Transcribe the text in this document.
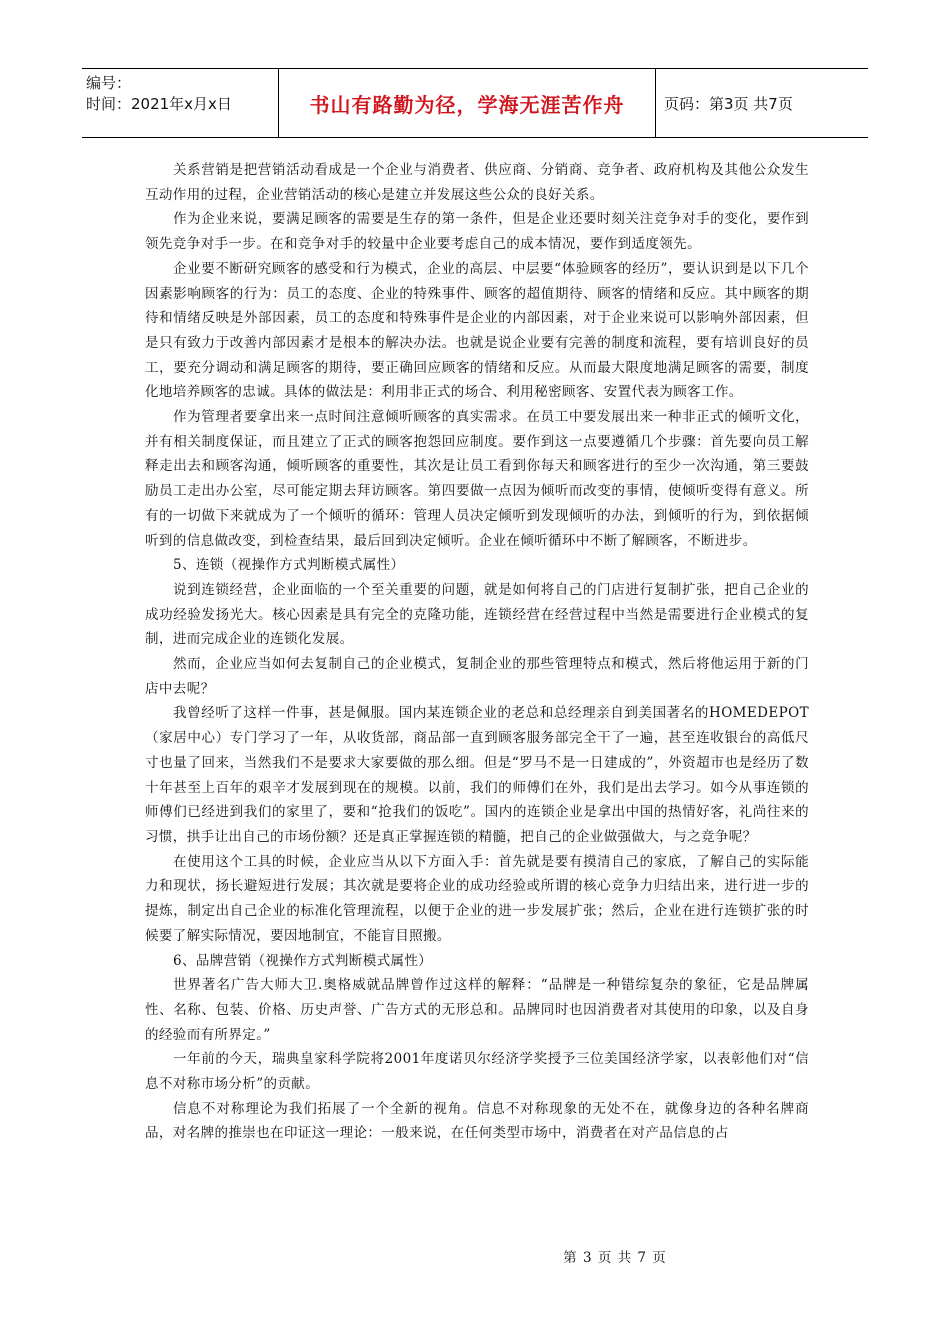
编号：
时间：2021年x月x日	书山有路勤为径，学海无涯苦作舟	页码：第3页 共7页

关系营销是把营销活动看成是一个企业与消费者、供应商、分销商、竞争者、政府机构及其他公众发生互动作用的过程，企业营销活动的核心是建立并发展这些公众的良好关系。

作为企业来说，要满足顾客的需要是生存的第一条件，但是企业还要时刻关注竞争对手的变化，要作到领先竞争对手一步。在和竞争对手的较量中企业要考虑自己的成本情况，要作到适度领先。

企业要不断研究顾客的感受和行为模式，企业的高层、中层要“体验顾客的经历”，要认识到是以下几个因素影响顾客的行为：员工的态度、企业的特殊事件、顾客的超值期待、顾客的情绪和反应。其中顾客的期待和情绪反映是外部因素，员工的态度和特殊事件是企业的内部因素，对于企业来说可以影响外部因素，但是只有致力于改善内部因素才是根本的解决办法。也就是说企业要有完善的制度和流程，要有培训良好的员工，要充分调动和满足顾客的期待，要正确回应顾客的情绪和反应。从而最大限度地满足顾客的需要，制度化地培养顾客的忠诚。具体的做法是：利用非正式的场合、利用秘密顾客、安置代表为顾客工作。

作为管理者要拿出来一点时间注意倾听顾客的真实需求。在员工中要发展出来一种非正式的倾听文化，并有相关制度保证，而且建立了正式的顾客抱怨回应制度。要作到这一点要遵循几个步骤：首先要向员工解释走出去和顾客沟通，倾听顾客的重要性，其次是让员工看到你每天和顾客进行的至少一次沟通，第三要鼓励员工走出办公室，尽可能定期去拜访顾客。第四要做一点因为倾听而改变的事情，使倾听变得有意义。所有的一切做下来就成为了一个倾听的循环：管理人员决定倾听到发现倾听的办法，到倾听的行为，到依据倾听到的信息做改变，到检查结果，最后回到决定倾听。企业在倾听循环中不断了解顾客，不断进步。

5、连锁（视操作方式判断模式属性）

说到连锁经营，企业面临的一个至关重要的问题，就是如何将自己的门店进行复制扩张，把自己企业的成功经验发扬光大。核心因素是具有完全的克隆功能，连锁经营在经营过程中当然是需要进行企业模式的复制，进而完成企业的连锁化发展。

然而，企业应当如何去复制自己的企业模式，复制企业的那些管理特点和模式，然后将他运用于新的门店中去呢？

我曾经听了这样一件事，甚是佩服。国内某连锁企业的老总和总经理亲自到美国著名的HOMEDEPOT（家居中心）专门学习了一年，从收货部，商品部一直到顾客服务部完全干了一遍，甚至连收银台的高低尺寸也量了回来，当然我们不是要求大家要做的那么细。但是“罗马不是一日建成的”，外资超市也是经历了数十年甚至上百年的艰辛才发展到现在的规模。以前，我们的师傅们在外，我们是出去学习。如今从事连锁的师傅们已经进到我们的家里了，要和“抢我们的饭吃”。国内的连锁企业是拿出中国的热情好客，礼尚往来的习惯，拱手让出自己的市场份额？还是真正掌握连锁的精髓，把自己的企业做强做大，与之竞争呢？

在使用这个工具的时候，企业应当从以下方面入手：首先就是要有摸清自己的家底，了解自己的实际能力和现状，扬长避短进行发展；其次就是要将企业的成功经验或所谓的核心竞争力归结出来，进行进一步的提炼，制定出自己企业的标准化管理流程，以便于企业的进一步发展扩张；然后，企业在进行连锁扩张的时候要了解实际情况，要因地制宜，不能盲目照搬。

6、品牌营销（视操作方式判断模式属性）

世界著名广告大师大卫.奥格威就品牌曾作过这样的解释：“品牌是一种错综复杂的象征，它是品牌属性、名称、包装、价格、历史声誉、广告方式的无形总和。品牌同时也因消费者对其使用的印象，以及自身的经验而有所界定。”

一年前的今天，瑞典皇家科学院将2001年度诺贝尔经济学奖授予三位美国经济学家，以表彰他们对“信息不对称市场分析”的贡献。

信息不对称理论为我们拓展了一个全新的视角。信息不对称现象的无处不在，就像身边的各种名牌商品，对名牌的推崇也在印证这一理论：一般来说，在任何类型市场中，消费者在对产品信息的占

第 3 页 共 7 页
